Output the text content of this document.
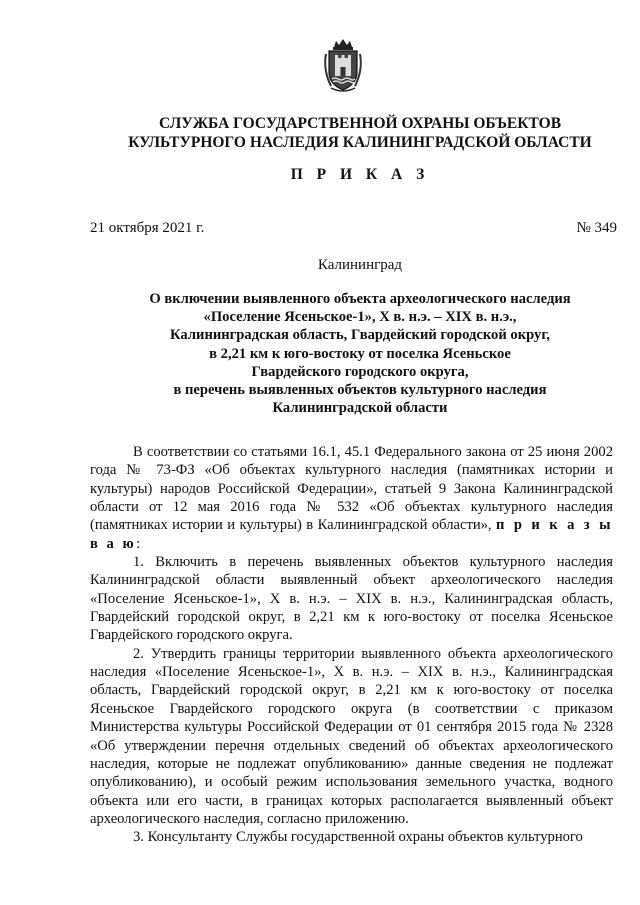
СЛУЖБА ГОСУДАРСТВЕННОЙ ОХРАНЫ ОБЪЕКТОВ
КУЛЬТУРНОГО НАСЛЕДИЯ КАЛИНИНГРАДСКОЙ ОБЛАСТИ
П Р И К А З
21 октября 2021 г.	№ 349
Калининград
О включении выявленного объекта археологического наследия
«Поселение Ясеньское-1», X в. н.э. – XIX в. н.э.,
Калининградская область, Гвардейский городской округ,
в 2,21 км к юго-востоку от поселка Ясеньское
Гвардейского городского округа,
в перечень выявленных объектов культурного наследия
Калининградской области

В соответствии со статьями 16.1, 45.1 Федерального закона от 25 июня 2002 года № 73-ФЗ «Об объектах культурного наследия (памятниках истории и культуры) народов Российской Федерации», статьей 9 Закона Калининградской области от 12 мая 2016 года № 532 «Об объектах культурного наследия (памятниках истории и культуры) в Калининградской области», п р и к а з ы в а ю:

1. Включить в перечень выявленных объектов культурного наследия Калининградской области выявленный объект археологического наследия «Поселение Ясеньское-1», X в. н.э. – XIX в. н.э., Калининградская область, Гвардейский городской округ, в 2,21 км к юго-востоку от поселка Ясеньское Гвардейского городского округа.

2. Утвердить границы территории выявленного объекта археологического наследия «Поселение Ясеньское-1», X в. н.э. – XIX в. н.э., Калининградская область, Гвардейский городской округ, в 2,21 км к юго-востоку от поселка Ясеньское Гвардейского городского округа (в соответствии с приказом Министерства культуры Российской Федерации от 01 сентября 2015 года № 2328 «Об утверждении перечня отдельных сведений об объектах археологического наследия, которые не подлежат опубликованию» данные сведения не подлежат опубликованию), и особый режим использования земельного участка, водного объекта или его части, в границах которых располагается выявленный объект археологического наследия, согласно приложению.

3. Консультанту Службы государственной охраны объектов культурного
